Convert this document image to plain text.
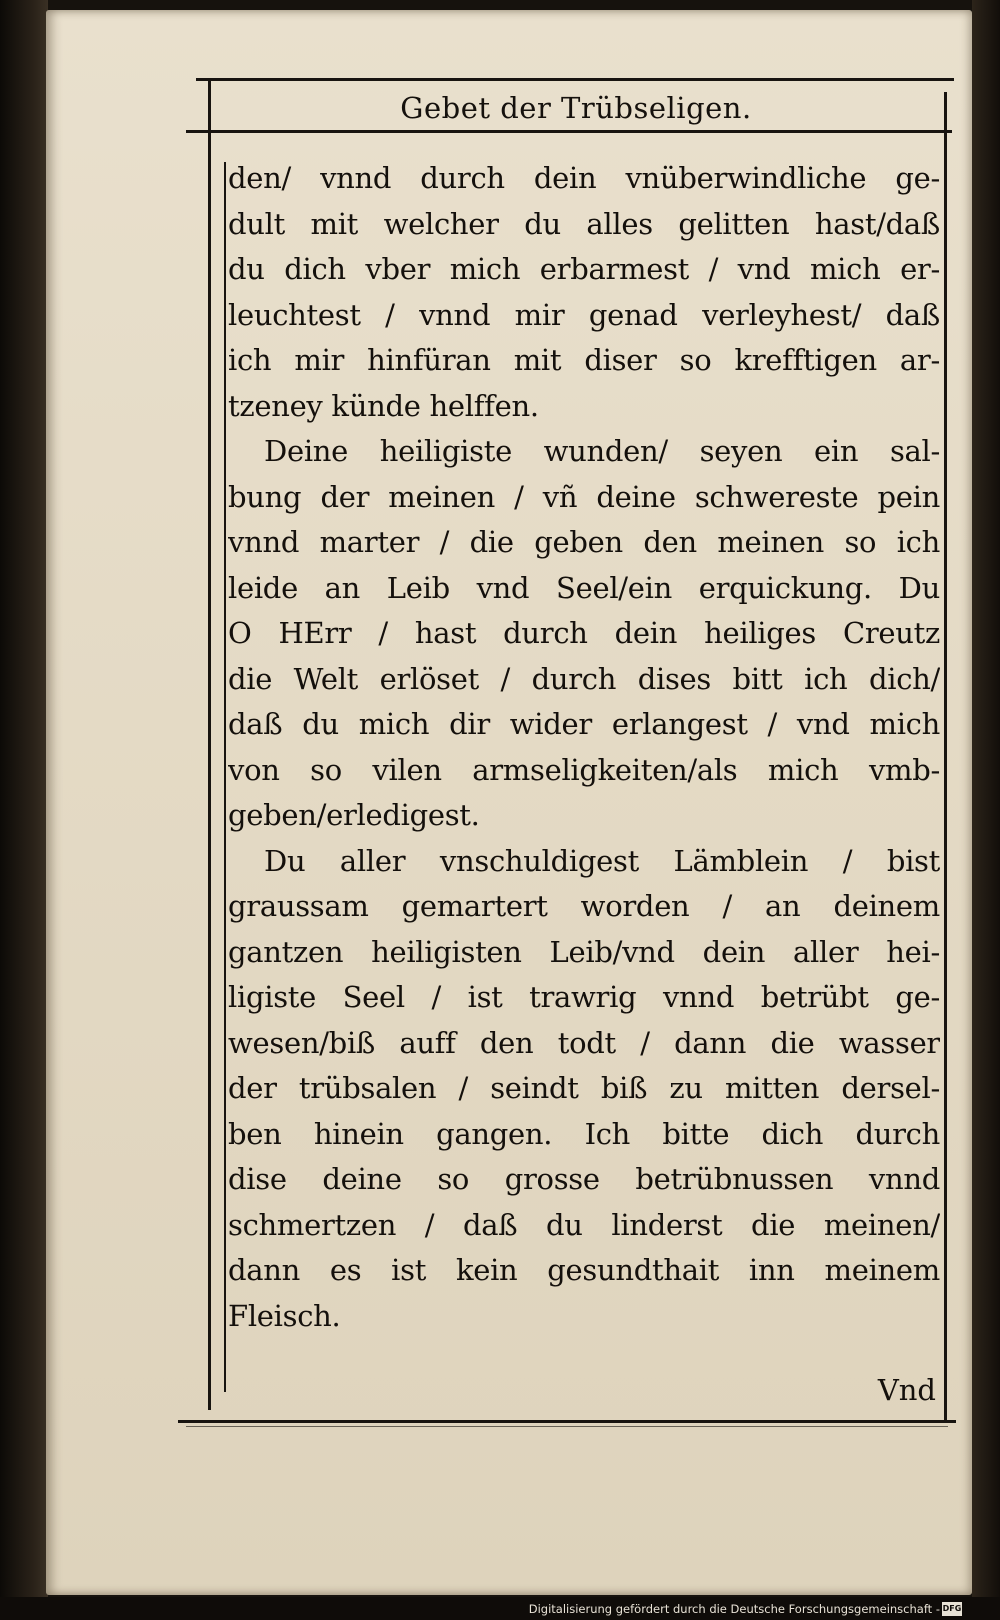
Gebet der Trübseligen.
den/ vnnd durch dein vnüberwindliche ge-
dult mit welcher du alles gelitten hast/daß
du dich vber mich erbarmest / vnd mich er-
leuchtest / vnnd mir genad verleyhest/ daß
ich mir hinfüran mit diser so krefftigen ar-
tzeney künde helffen.
Deine heiligiste wunden/ seyen ein sal-
bung der meinen / vñ deine schwereste pein
vnnd marter / die geben den meinen so ich
leide an Leib vnd Seel/ein erquickung. Du
O HErr / hast durch dein heiliges Creutz
die Welt erlöset / durch dises bitt ich dich/
daß du mich dir wider erlangest / vnd mich
von so vilen armseligkeiten/als mich vmb-
geben/erledigest.
Du aller vnschuldigest Lämblein / bist
graussam gemartert worden / an deinem
gantzen heiligisten Leib/vnd dein aller hei-
ligiste Seel / ist trawrig vnnd betrübt ge-
wesen/biß auff den todt / dann die wasser
der trübsalen / seindt biß zu mitten dersel-
ben hinein gangen. Ich bitte dich durch
dise deine so grosse betrübnussen vnnd
schmertzen / daß du linderst die meinen/
dann es ist kein gesundthait inn meinem
Fleisch.
Vnd
Digitalisierung gefördert durch die Deutsche Forschungsgemeinschaft - DFG
